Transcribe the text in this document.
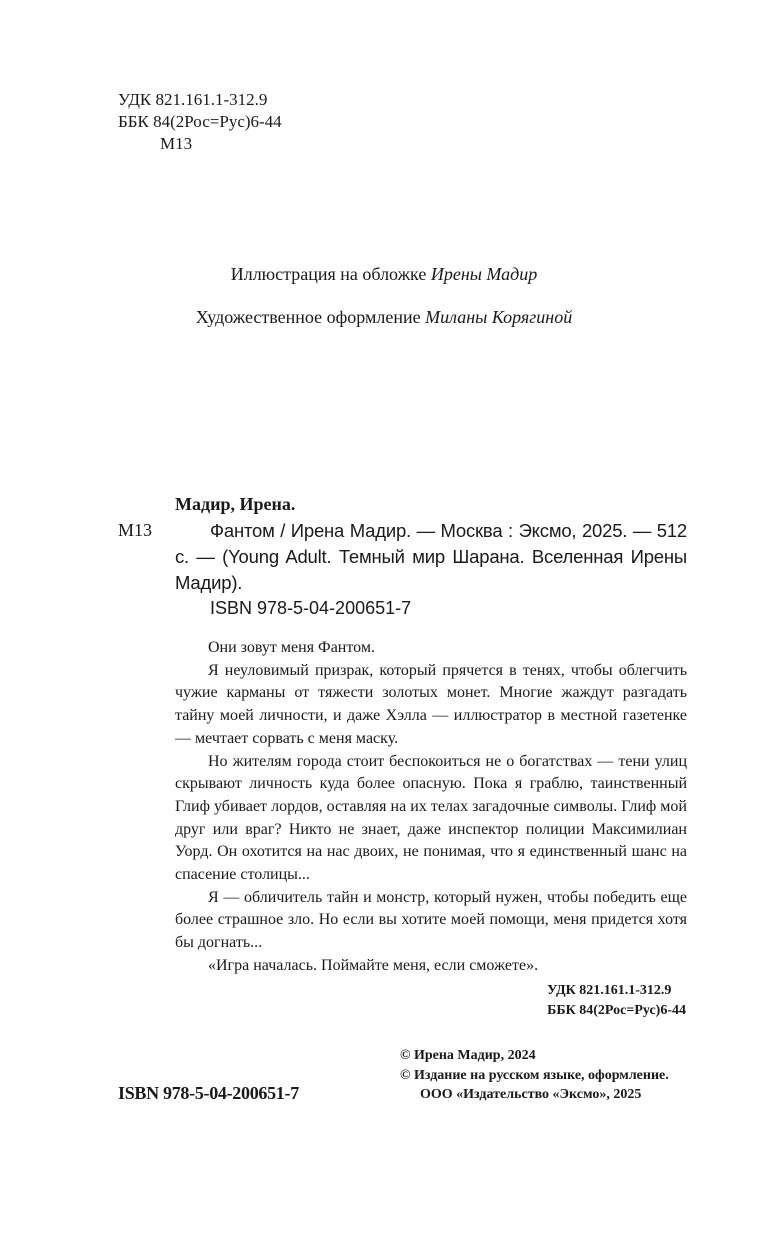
УДК 821.161.1-312.9
ББК 84(2Рос=Рус)6-44
М13
Иллюстрация на обложке Ирены Мадир
Художественное оформление Миланы Корягиной
Мадир, Ирена.
М13	Фантом / Ирена Мадир. — Москва : Эксмо, 2025. — 512 с. — (Young Adult. Темный мир Шарана. Вселенная Ирены Мадир).
ISBN 978-5-04-200651-7

Они зовут меня Фантом.

Я неуловимый призрак, который прячется в тенях, чтобы облегчить чужие карманы от тяжести золотых монет. Многие жаждут разгадать тайну моей личности, и даже Хэлла — иллюстратор в местной газетенке — мечтает сорвать с меня маску.

Но жителям города стоит беспокоиться не о богатствах — тени улиц скрывают личность куда более опасную. Пока я граблю, таинственный Глиф убивает лордов, оставляя на их телах загадочные символы. Глиф мой друг или враг? Никто не знает, даже инспектор полиции Максимилиан Уорд. Он охотится на нас двоих, не понимая, что я единственный шанс на спасение столицы...

Я — обличитель тайн и монстр, который нужен, чтобы победить еще более страшное зло. Но если вы хотите моей помощи, меня придется хотя бы догнать...

«Игра началась. Поймайте меня, если сможете».

УДК 821.161.1-312.9
ББК 84(2Рос=Рус)6-44
© Ирена Мадир, 2024
© Издание на русском языке, оформление.
ООО «Издательство «Эксмо», 2025
ISBN 978-5-04-200651-7
